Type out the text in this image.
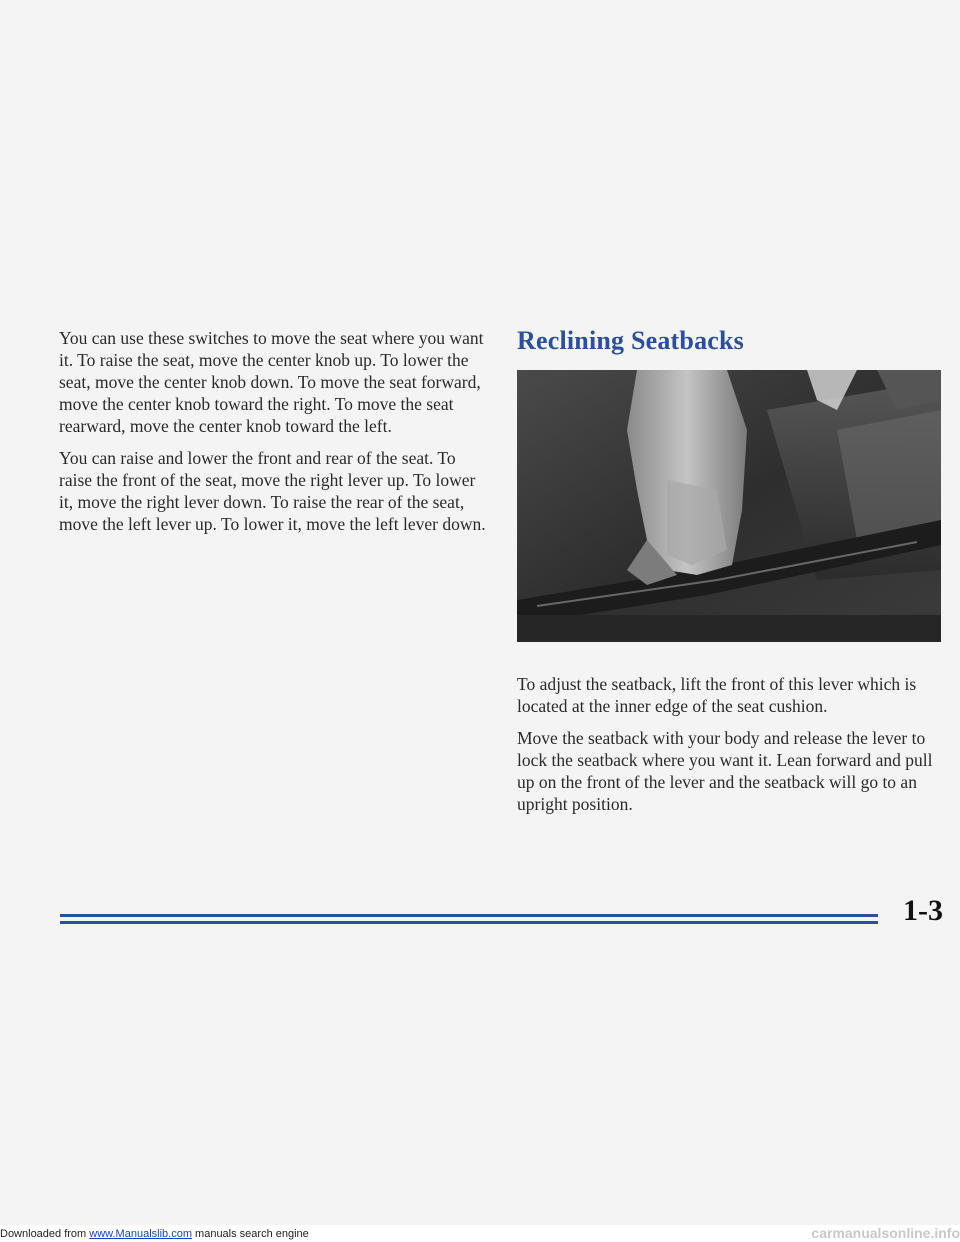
You can use these switches to move the seat where you want it. To raise the seat, move the center knob up. To lower the seat, move the center knob down. To move the seat forward, move the center knob toward the right. To move the seat rearward, move the center knob toward the left.

You can raise and lower the front and rear of the seat. To raise the front of the seat, move the right lever up. To lower it, move the right lever down. To raise the rear of the seat, move the left lever up. To lower it, move the left lever down.

Reclining Seatbacks

To adjust the seatback, lift the front of this lever which is located at the inner edge of the seat cushion.

Move the seatback with your body and release the lever to lock the seatback where you want it. Lean forward and pull up on the front of the lever and the seatback will go to an upright position.

1-3
Downloaded from www.Manualslib.com manuals search engine	carmanualsonline.info
